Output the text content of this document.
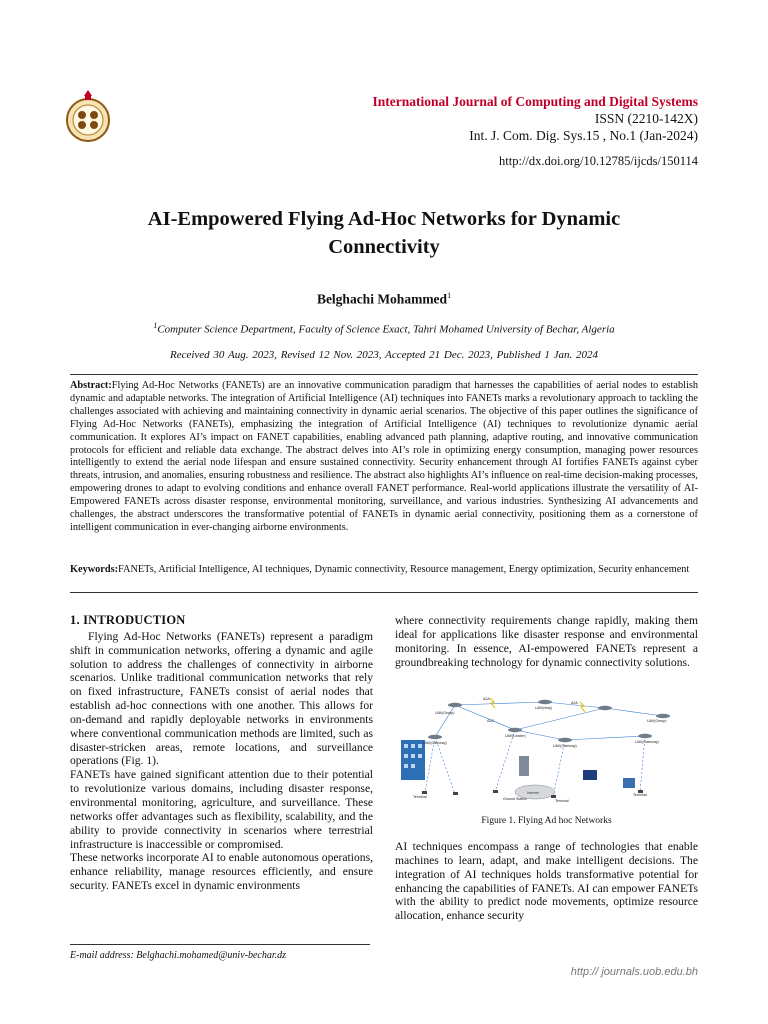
International Journal of Computing and Digital Systems
ISSN (2210-142X)
Int. J. Com. Dig. Sys.15 , No.1 (Jan-2024)
http://dx.doi.org/10.12785/ijcds/150114
AI-Empowered Flying Ad-Hoc Networks for Dynamic
Connectivity
Belghachi Mohammed$^1$
$^1$Computer Science Department, Faculty of Science Exact, Tahri Mohamed University of Bechar, Algeria
Received 30 Aug. 2023, Revised 12 Nov. 2023, Accepted 21 Dec. 2023, Published 1 Jan. 2024
Abstract:Flying Ad-Hoc Networks (FANETs) are an innovative communication paradigm that harnesses the capabilities of aerial nodes to establish dynamic and adaptable networks. The integration of Artificial Intelligence (AI) techniques into FANETs marks a revolutionary approach to tackling the challenges associated with achieving and maintaining connectivity in dynamic aerial scenarios. The objective of this paper outlines the significance of Flying Ad-Hoc Networks (FANETs), emphasizing the integration of Artificial Intelligence (AI) techniques to revolutionize dynamic aerial communication. It explores AI’s impact on FANET capabilities, enabling advanced path planning, adaptive routing, and innovative communication protocols for efficient and reliable data exchange. The abstract delves into AI’s role in optimizing energy consumption, managing power resources intelligently to extend the aerial node lifespan and ensure sustained connectivity. Security enhancement through AI fortifies FANETs against cyber threats, intrusion, and anomalies, ensuring robustness and resilience. The abstract also highlights AI’s influence on real-time decision-making processes, empowering drones to adapt to evolving conditions and enhance overall FANET performance. Real-world applications illustrate the versatility of AI-Empowered FANETs across disaster response, environmental monitoring, surveillance, and various industries. Synthesizing AI advancements and challenges, the abstract underscores the transformative potential of FANETs in dynamic aerial connectivity, positioning them as a cornerstone of intelligent communication in ever-changing airborne environments.
Keywords:FANETs, Artificial Intelligence, AI techniques, Dynamic connectivity, Resource management, Energy optimization, Security enhancement
1. INTRODUCTION

Flying Ad-Hoc Networks (FANETs) represent a paradigm shift in communication networks, offering a dynamic and agile solution to address the challenges of connectivity in airborne scenarios. Unlike traditional communication networks that rely on fixed infrastructure, FANETs consist of aerial nodes that establish ad-hoc connections with one another. This allows for on-demand and rapidly deployable networks in environments where conventional communication methods are limited, such as disaster-stricken areas, remote locations, and surveillance operations (Fig. 1).

FANETs have gained significant attention due to their potential to revolutionize various domains, including disaster response, environmental monitoring, agriculture, and surveillance. These networks offer advantages such as flexibility, scalability, and the ability to provide connectivity in scenarios where terrestrial infrastructure is inaccessible or compromised.

These networks incorporate AI to enable autonomous operations, enhance reliability, manage resources efficiently, and ensure security. FANETs excel in dynamic environments

where connectivity requirements change rapidly, making them ideal for applications like disaster response and environmental monitoring. In essence, AI-empowered FANETs represent a groundbreaking technology for dynamic connectivity solutions.

Internet
UAV(Group)
UAV(relay)
UAV(Group)
UAV(Leader)
UAV(Gateway)
UAV(Gateway)
UAV(Gateway)
A2A
A2A
A2G
Ground Station
Terminal
Terminal
Terminal
Figure 1. Flying Ad hoc Networks

AI techniques encompass a range of technologies that enable machines to learn, adapt, and make intelligent decisions. The integration of AI techniques holds transformative potential for enhancing the capabilities of FANETs. AI can empower FANETs with the ability to predict node movements, optimize resource allocation, enhance security

E-mail address: Belghachi.mohamed@univ-bechar.dz
http:// journals.uob.edu.bh
